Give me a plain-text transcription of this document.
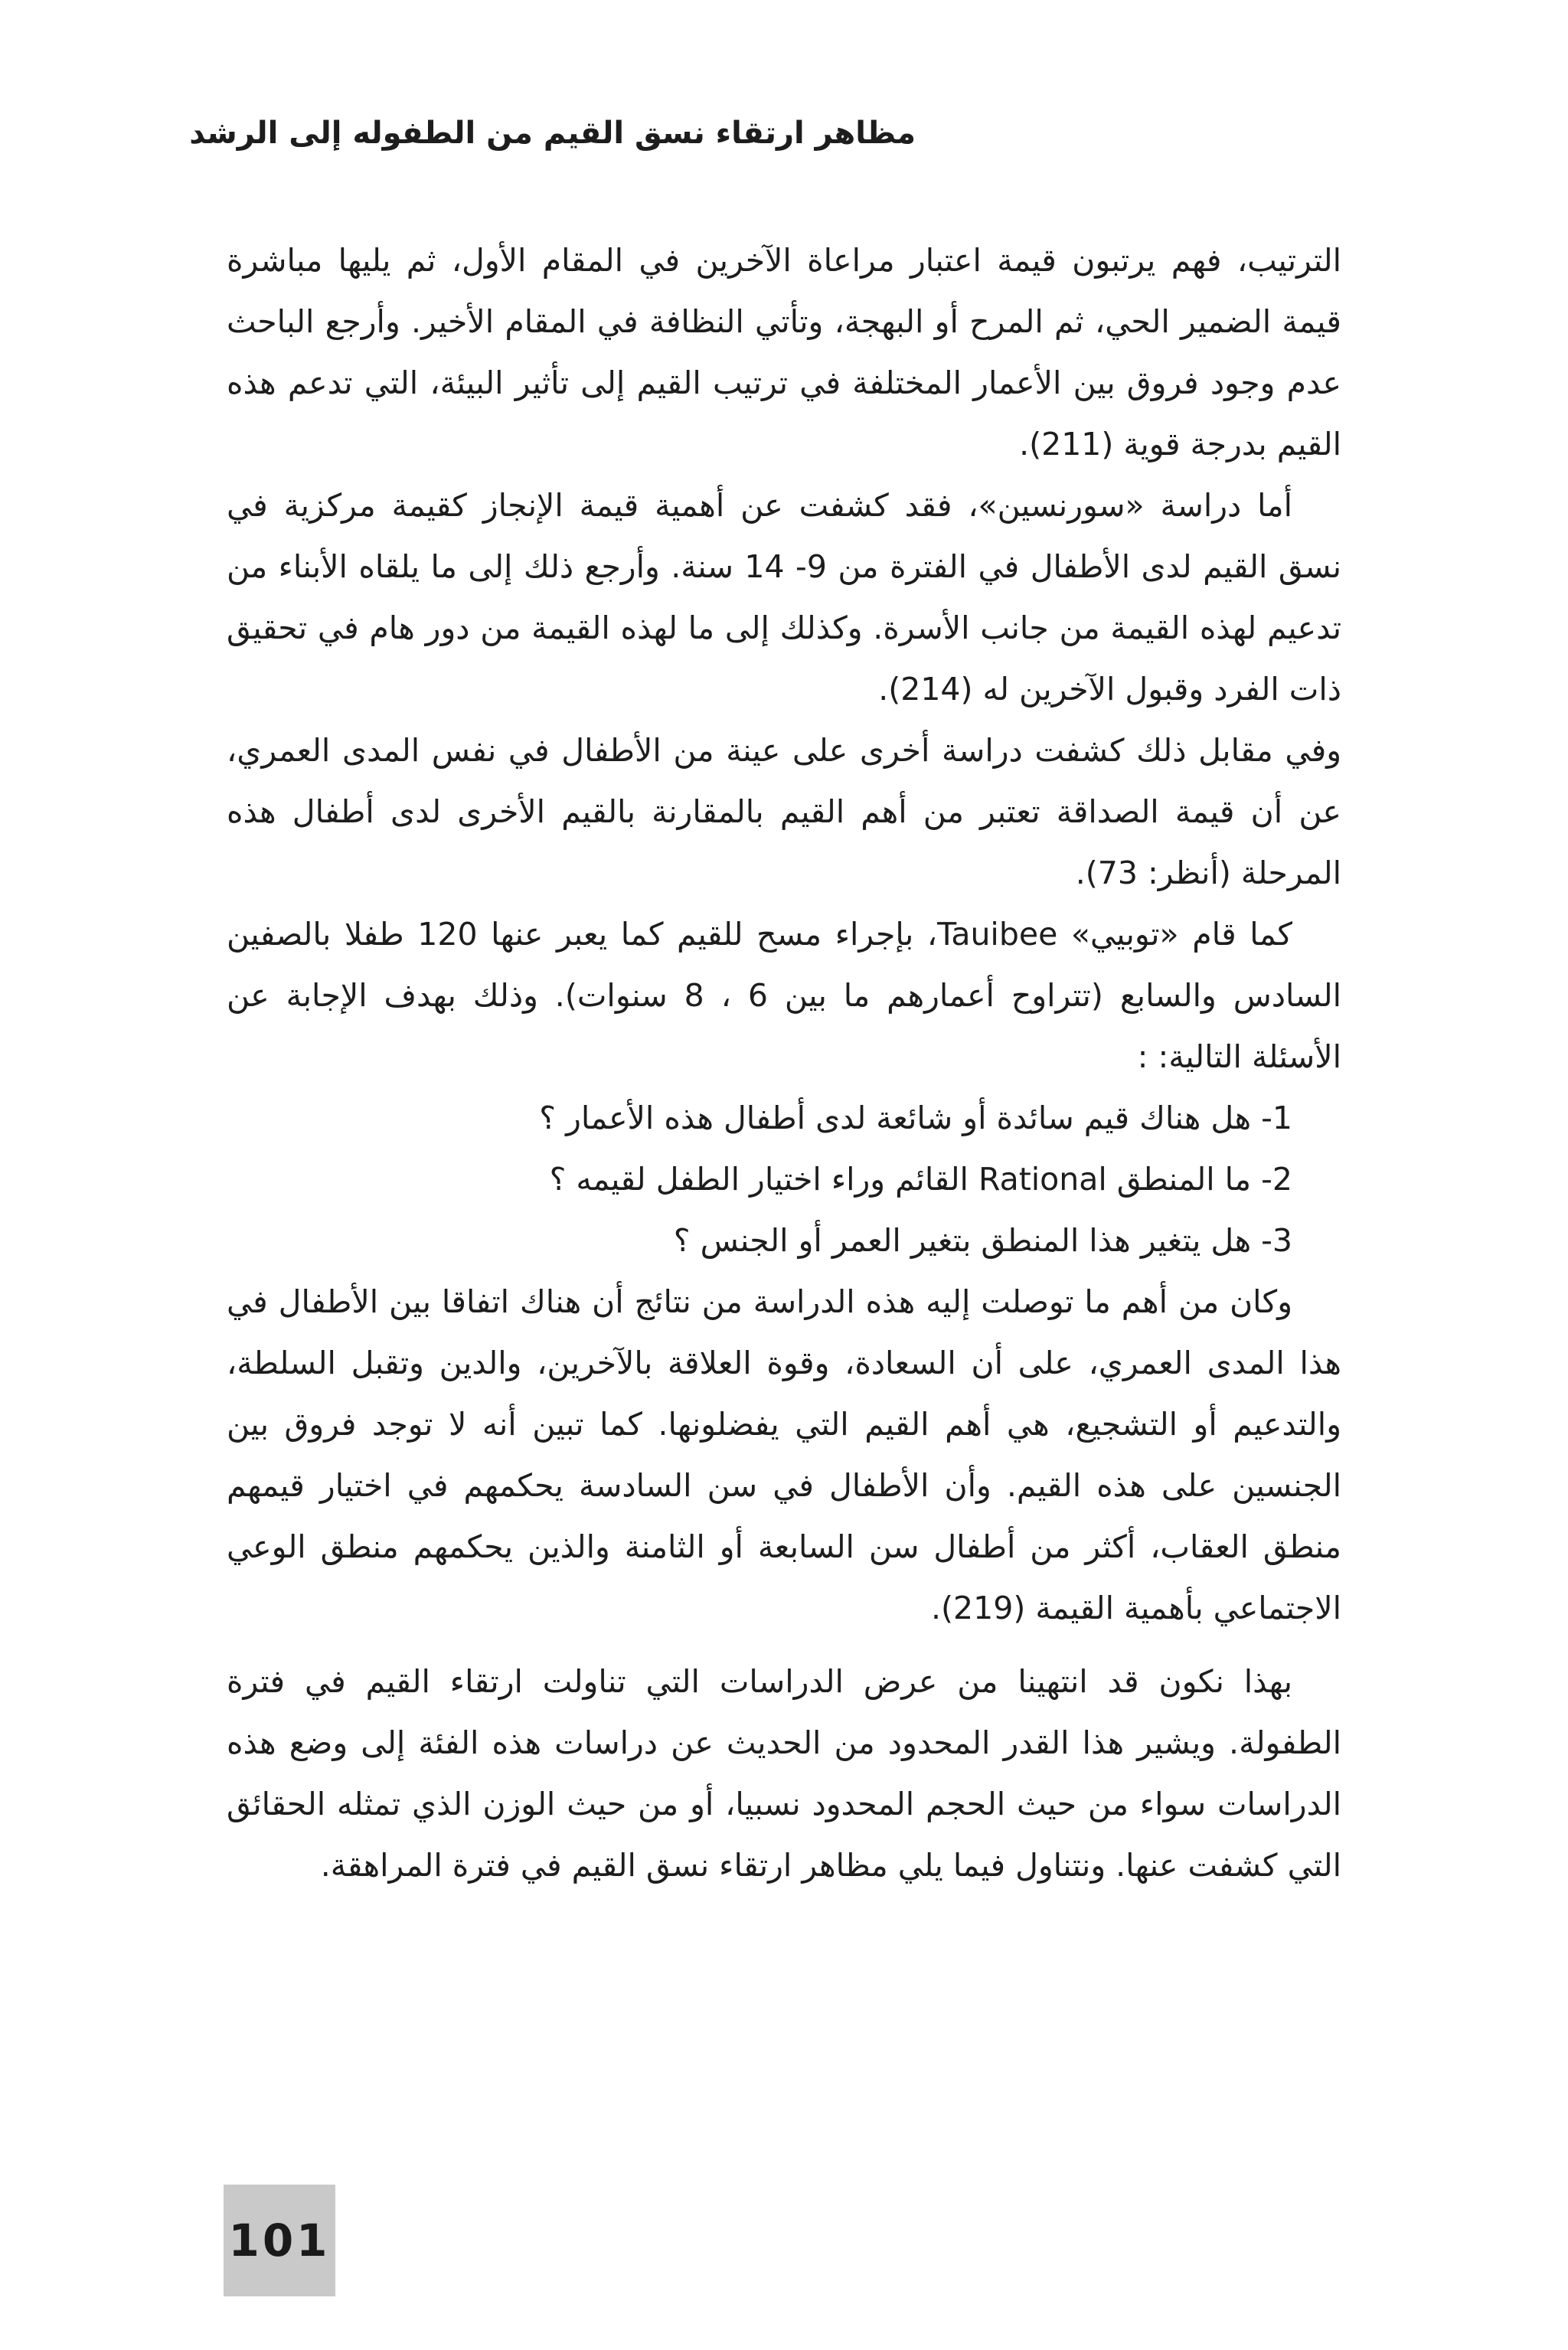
مظاهر ارتقاء نسق القيم من الطفوله إلى الرشد

الترتيب، فهم يرتبون قيمة اعتبار مراعاة الآخرين في المقام الأول، ثم يليها مباشرة قيمة الضمير الحي، ثم المرح أو البهجة، وتأتي النظافة في المقام الأخير. وأرجع الباحث عدم وجود فروق بين الأعمار المختلفة في ترتيب القيم إلى تأثير البيئة، التي تدعم هذه القيم بدرجة قوية (211).

أما دراسة «سورنسين»، فقد كشفت عن أهمية قيمة الإنجاز كقيمة مركزية في نسق القيم لدى الأطفال في الفترة من 9- 14 سنة. وأرجع ذلك إلى ما يلقاه الأبناء من تدعيم لهذه القيمة من جانب الأسرة. وكذلك إلى ما لهذه القيمة من دور هام في تحقيق ذات الفرد وقبول الآخرين له (214).

وفي مقابل ذلك كشفت دراسة أخرى على عينة من الأطفال في نفس المدى العمري، عن أن قيمة الصداقة تعتبر من أهم القيم بالمقارنة بالقيم الأخرى لدى أطفال هذه المرحلة (أنظر: 73).

كما قام «توبيي» Tauibee، بإجراء مسح للقيم كما يعبر عنها 120 طفلا بالصفين السادس والسابع (تتراوح أعمارهم ما بين 6 ، 8 سنوات). وذلك بهدف الإجابة عن الأسئلة التالية: :

1- هل هناك قيم سائدة أو شائعة لدى أطفال هذه الأعمار ؟

2- ما المنطق Rational القائم وراء اختيار الطفل لقيمه ؟

3- هل يتغير هذا المنطق بتغير العمر أو الجنس ؟

وكان من أهم ما توصلت إليه هذه الدراسة من نتائج أن هناك اتفاقا بين الأطفال في هذا المدى العمري، على أن السعادة، وقوة العلاقة بالآخرين، والدين وتقبل السلطة، والتدعيم أو التشجيع، هي أهم القيم التي يفضلونها. كما تبين أنه لا توجد فروق بين الجنسين على هذه القيم. وأن الأطفال في سن السادسة يحكمهم في اختيار قيمهم منطق العقاب، أكثر من أطفال سن السابعة أو الثامنة والذين يحكمهم منطق الوعي الاجتماعي بأهمية القيمة (219).

بهذا نكون قد انتهينا من عرض الدراسات التي تناولت ارتقاء القيم في فترة الطفولة. ويشير هذا القدر المحدود من الحديث عن دراسات هذه الفئة إلى وضع هذه الدراسات سواء من حيث الحجم المحدود نسبيا، أو من حيث الوزن الذي تمثله الحقائق التي كشفت عنها. ونتناول فيما يلي مظاهر ارتقاء نسق القيم في فترة المراهقة.

101
